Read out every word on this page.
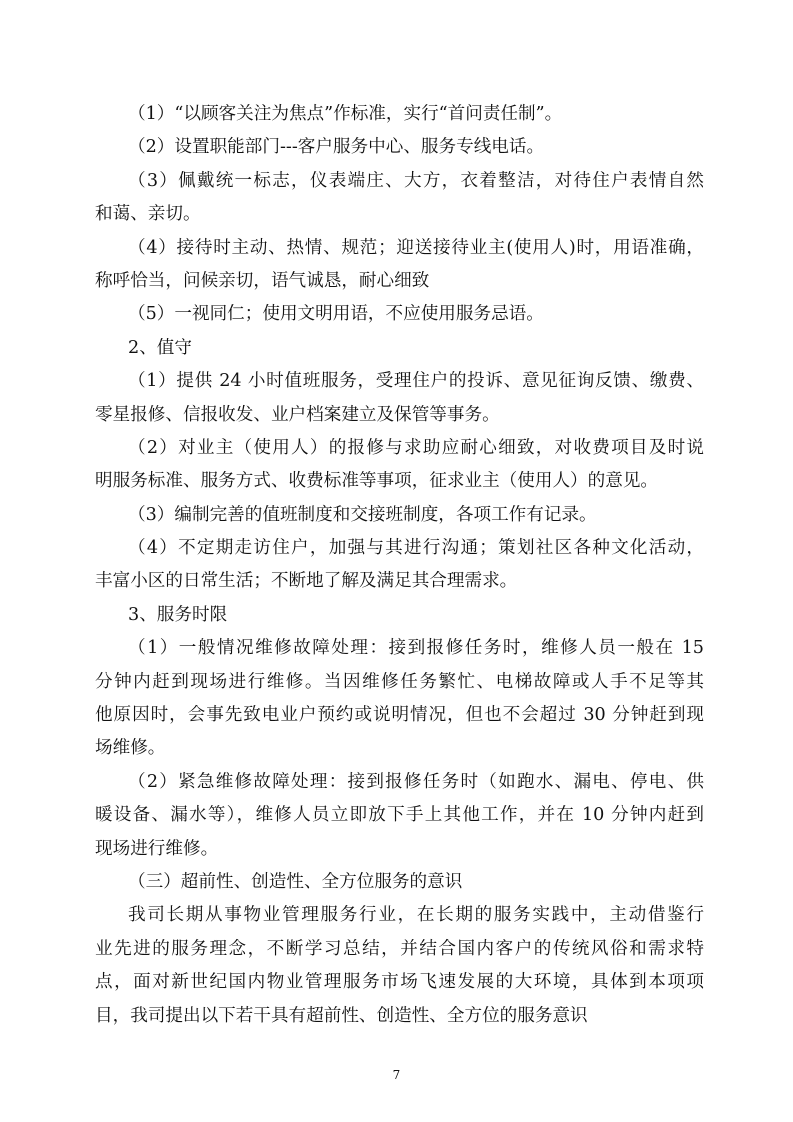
（1）“以顾客关注为焦点”作标准，实行“首问责任制”。
（2）设置职能部门---客户服务中心、服务专线电话。
（3）佩戴统一标志，仪表端庄、大方，衣着整洁，对待住户表情自然
和蔼、亲切。
（4）接待时主动、热情、规范；迎送接待业主(使用人)时，用语准确，
称呼恰当，问候亲切，语气诚恳，耐心细致
（5）一视同仁；使用文明用语，不应使用服务忌语。
2、值守
（1）提供 24 小时值班服务，受理住户的投诉、意见征询反馈、缴费、
零星报修、信报收发、业户档案建立及保管等事务。
（2）对业主（使用人）的报修与求助应耐心细致，对收费项目及时说
明服务标准、服务方式、收费标准等事项，征求业主（使用人）的意见。
（3）编制完善的值班制度和交接班制度，各项工作有记录。
（4）不定期走访住户，加强与其进行沟通；策划社区各种文化活动，
丰富小区的日常生活；不断地了解及满足其合理需求。
3、服务时限
（1）一般情况维修故障处理：接到报修任务时，维修人员一般在 15
分钟内赶到现场进行维修。当因维修任务繁忙、电梯故障或人手不足等其
他原因时，会事先致电业户预约或说明情况，但也不会超过 30 分钟赶到现
场维修。
（2）紧急维修故障处理：接到报修任务时（如跑水、漏电、停电、供
暖设备、漏水等），维修人员立即放下手上其他工作，并在 10 分钟内赶到
现场进行维修。
（三）超前性、创造性、全方位服务的意识
我司长期从事物业管理服务行业，在长期的服务实践中，主动借鉴行
业先进的服务理念，不断学习总结，并结合国内客户的传统风俗和需求特
点，面对新世纪国内物业管理服务市场飞速发展的大环境，具体到本项项
目，我司提出以下若干具有超前性、创造性、全方位的服务意识
7
